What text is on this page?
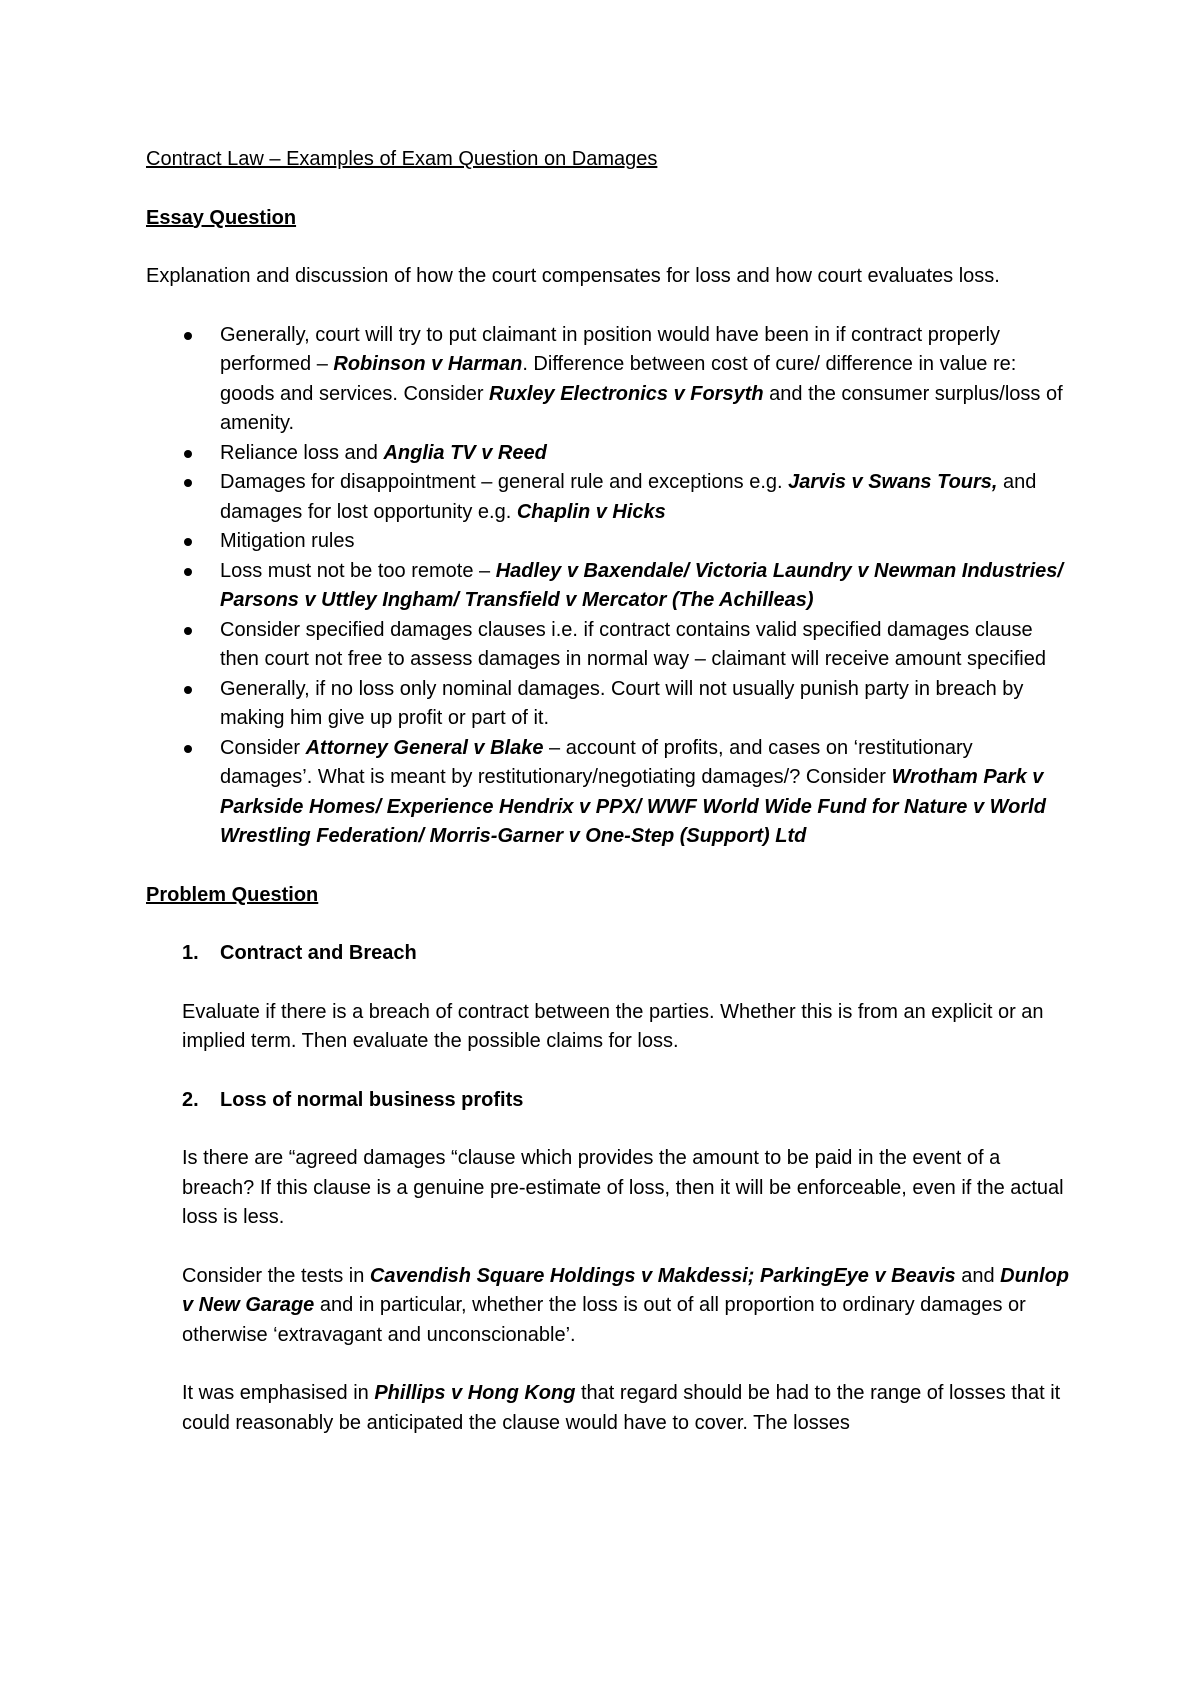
Contract Law – Examples of Exam Question on Damages
Essay Question

Explanation and discussion of how the court compensates for loss and how court evaluates loss.

Generally, court will try to put claimant in position would have been in if contract properly performed – Robinson v Harman. Difference between cost of cure/ difference in value re: goods and services. Consider Ruxley Electronics v Forsyth and the consumer surplus/loss of amenity.
Reliance loss and Anglia TV v Reed
Damages for disappointment – general rule and exceptions e.g. Jarvis v Swans Tours, and damages for lost opportunity e.g. Chaplin v Hicks
Mitigation rules
Loss must not be too remote – Hadley v Baxendale/ Victoria Laundry v Newman Industries/ Parsons v Uttley Ingham/ Transfield v Mercator (The Achilleas)
Consider specified damages clauses i.e. if contract contains valid specified damages clause then court not free to assess damages in normal way – claimant will receive amount specified
Generally, if no loss only nominal damages. Court will not usually punish party in breach by making him give up profit or part of it.
Consider Attorney General v Blake – account of profits, and cases on ‘restitutionary damages’. What is meant by restitutionary/negotiating damages/? Consider Wrotham Park v Parkside Homes/ Experience Hendrix v PPX/ WWF World Wide Fund for Nature v World Wrestling Federation/ Morris-Garner v One-Step (Support) Ltd
Problem Question
1.	Contract and Breach

Evaluate if there is a breach of contract between the parties. Whether this is from an explicit or an implied term. Then evaluate the possible claims for loss.

2.	Loss of normal business profits

Is there are “agreed damages “clause which provides the amount to be paid in the event of a breach? If this clause is a genuine pre-estimate of loss, then it will be enforceable, even if the actual loss is less.

Consider the tests in Cavendish Square Holdings v Makdessi; ParkingEye v Beavis and Dunlop v New Garage and in particular, whether the loss is out of all proportion to ordinary damages or otherwise ‘extravagant and unconscionable’.

It was emphasised in Phillips v Hong Kong that regard should be had to the range of losses that it could reasonably be anticipated the clause would have to cover. The losses
